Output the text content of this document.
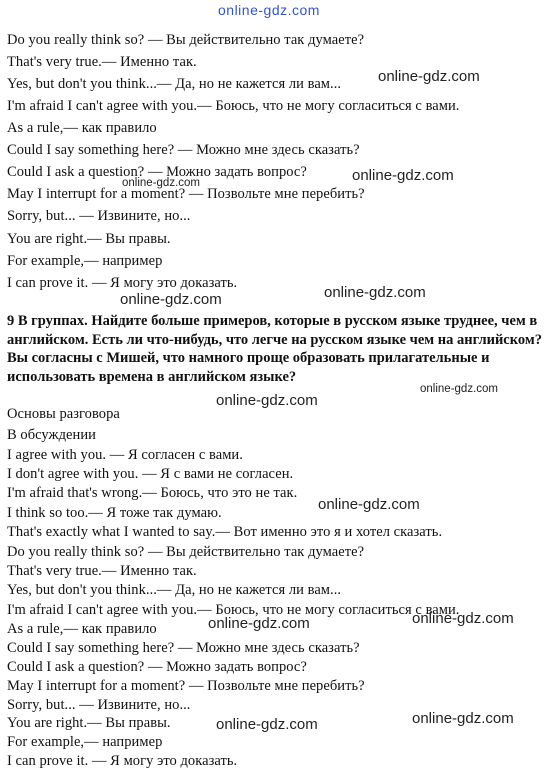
online-gdz.com
Do you really think so? — Вы действительно так думаете?
That's very true.— Именно так.
Yes, but don't you think...— Да, но не кажется ли вам...
I'm afraid I can't agree with you.— Боюсь, что не могу согласиться с вами.
As a rule,— как правило
Could I say something here? — Можно мне здесь сказать?
Could I ask a question? — Можно задать вопрос?
May I interrupt for a moment? — Позвольте мне перебить?
Sorry, but... — Извините, но...
You are right.— Вы правы.
For example,— например
I can prove it. — Я могу это доказать.
9 В группах. Найдите больше примеров, которые в русском языке труднее, чем в английском. Есть ли что-нибудь, что легче на русском языке чем на английском? Вы согласны с Мишей, что намного проще образовать прилагательные и использовать времена в английском языке?
Основы разговора
В обсуждении
I agree with you. — Я согласен с вами.
I don't agree with you. — Я с вами не согласен.
I'm afraid that's wrong.— Боюсь, что это не так.
I think so too.— Я тоже так думаю.
That's exactly what I wanted to say.— Вот именно это я и хотел сказать.
Do you really think so? — Вы действительно так думаете?
That's very true.— Именно так.
Yes, but don't you think...— Да, но не кажется ли вам...
I'm afraid I can't agree with you.— Боюсь, что не могу согласиться с вами.
As a rule,— как правило
Could I say something here? — Можно мне здесь сказать?
Could I ask a question? — Можно задать вопрос?
May I interrupt for a moment? — Позвольте мне перебить?
Sorry, but... — Извините, но...
You are right.— Вы правы.
For example,— например
I can prove it. — Я могу это доказать.
online-gdz.com
online-gdz.com
online-gdz.com
online-gdz.com	online-gdz.com
online-gdz.com
online-gdz.com
online-gdz.com
online-gdz.com	online-gdz.com
online-gdz.com	online-gdz.com
